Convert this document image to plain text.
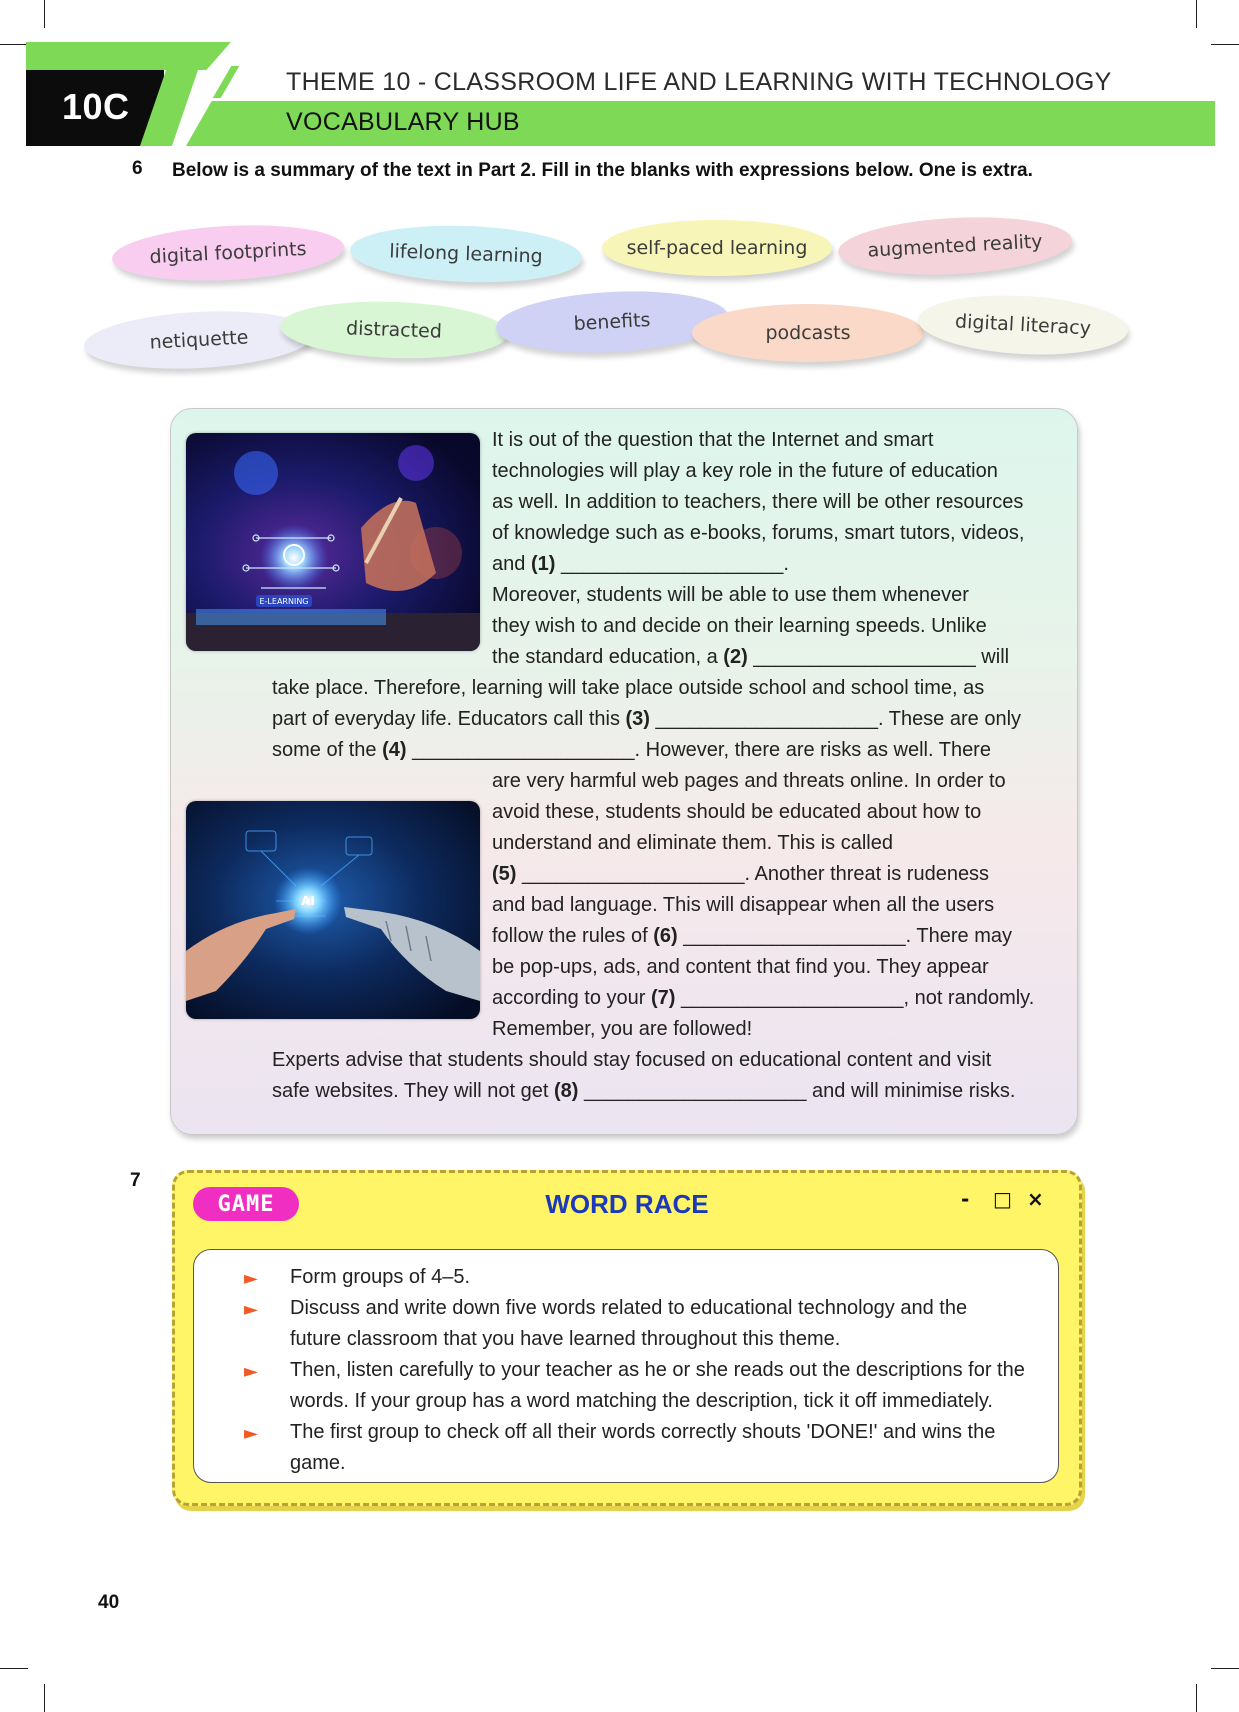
10C
THEME 10 - CLASSROOM LIFE AND LEARNING WITH TECHNOLOGY
VOCABULARY HUB
6 Below is a summary of the text in Part 2. Fill in the blanks with expressions below. One is extra.
digital footprints	lifelong learning	self-paced learning	augmented reality
netiquette	distracted	benefits	podcasts	digital literacy
E-LEARNING
AI
It is out of the question that the Internet and smart
technologies will play a key role in the future of education
as well. In addition to teachers, there will be other resources
of knowledge such as e-books, forums, smart tutors, videos,
and (1) ____________________.
Moreover, students will be able to use them whenever
they wish to and decide on their learning speeds. Unlike
the standard education, a (2) ____________________ will
take place. Therefore, learning will take place outside school and school time, as
part of everyday life. Educators call this (3) ____________________. These are only
some of the (4) ____________________. However, there are risks as well. There
are very harmful web pages and threats online. In order to
avoid these, students should be educated about how to
understand and eliminate them. This is called
(5) ____________________. Another threat is rudeness
and bad language. This will disappear when all the users
follow the rules of (6) ____________________. There may
be pop-ups, ads, and content that find you. They appear
according to your (7) ____________________, not randomly.
Remember, you are followed!
Experts advise that students should stay focused on educational content and visit
safe websites. They will not get (8) ____________________ and will minimise risks.
7
GAME	WORD RACE	- □ ×
► Form groups of 4–5.
► Discuss and write down five words related to educational technology and the
future classroom that you have learned throughout this theme.
► Then, listen carefully to your teacher as he or she reads out the descriptions for the
words. If your group has a word matching the description, tick it off immediately.
► The first group to check off all their words correctly shouts 'DONE!' and wins the
game.
40
